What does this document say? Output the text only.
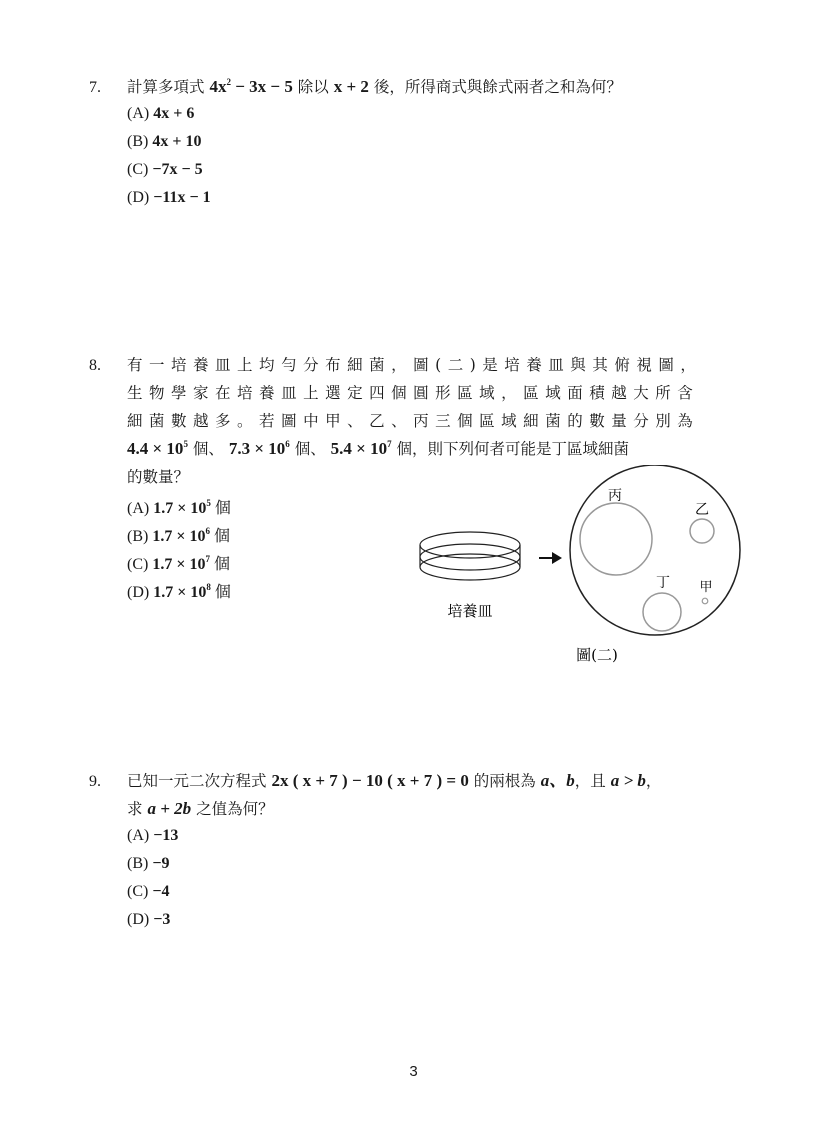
7. 計算多項式 $4x^2 - 3x - 5$ 除以 x + 2 後，所得商式與餘式兩者之和為何？
(A) 4x + 6
(B) 4x + 10
(C) −7x − 5
(D) −11x − 1
8. 有一培養皿上均勻分布細菌，圖(二)是培養皿與其俯視圖，
生物學家在培養皿上選定四個圓形區域，區域面積越大所含
細菌數越多。若圖中甲、乙、丙三個區域細菌的數量分別為
$4.4 \times 10^5$ 個、 $7.3 \times 10^6$ 個、 $5.4 \times 10^7$ 個，則下列何者可能是丁區域細菌
的數量？
(A) $1.7 \times 10^5$ 個
(B) $1.7 \times 10^6$ 個
(C) $1.7 \times 10^7$ 個
(D) $1.7 \times 10^8$ 個
培養皿
丙
乙
丁 甲
圖(二)
9. 已知一元二次方程式 2x ( x + 7 ) − 10 ( x + 7 ) = 0 的兩根為 a、b，且 a > b，
求 a + 2b 之值為何？
(A) −13
(B) −9
(C) −4
(D) −3
3
